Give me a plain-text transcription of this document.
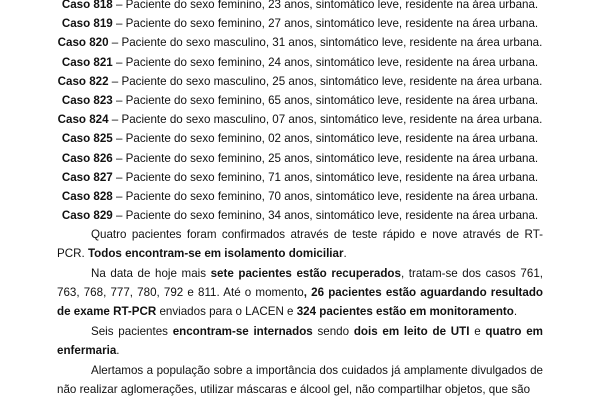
Caso 818 – Paciente do sexo feminino, 23 anos, sintomático leve, residente na área urbana.
Caso 819 – Paciente do sexo feminino, 27 anos, sintomático leve, residente na área urbana.
Caso 820 – Paciente do sexo masculino, 31 anos, sintomático leve, residente na área urbana.
Caso 821 – Paciente do sexo feminino, 24 anos, sintomático leve, residente na área urbana.
Caso 822 – Paciente do sexo masculino, 25 anos, sintomático leve, residente na área urbana.
Caso 823 – Paciente do sexo feminino, 65 anos, sintomático leve, residente na área urbana.
Caso 824 – Paciente do sexo masculino, 07 anos, sintomático leve, residente na área urbana.
Caso 825 – Paciente do sexo feminino, 02 anos, sintomático leve, residente na área urbana.
Caso 826 – Paciente do sexo feminino, 25 anos, sintomático leve, residente na área urbana.
Caso 827 – Paciente do sexo feminino, 71 anos, sintomático leve, residente na área urbana.
Caso 828 – Paciente do sexo feminino, 70 anos, sintomático leve, residente na área urbana.
Caso 829 – Paciente do sexo feminino, 34 anos, sintomático leve, residente na área urbana.

Quatro pacientes foram confirmados através de teste rápido e nove através de RT-PCR. Todos encontram-se em isolamento domiciliar.

Na data de hoje mais sete pacientes estão recuperados, tratam-se dos casos 761, 763, 768, 777, 780, 792 e 811. Até o momento, 26 pacientes estão aguardando resultado de exame RT-PCR enviados para o LACEN e 324 pacientes estão em monitoramento.

Seis pacientes encontram-se internados sendo dois em leito de UTI e quatro em enfermaria.

Alertamos a população sobre a importância dos cuidados já amplamente divulgados de não realizar aglomerações, utilizar máscaras e álcool gel, não compartilhar objetos, que são
